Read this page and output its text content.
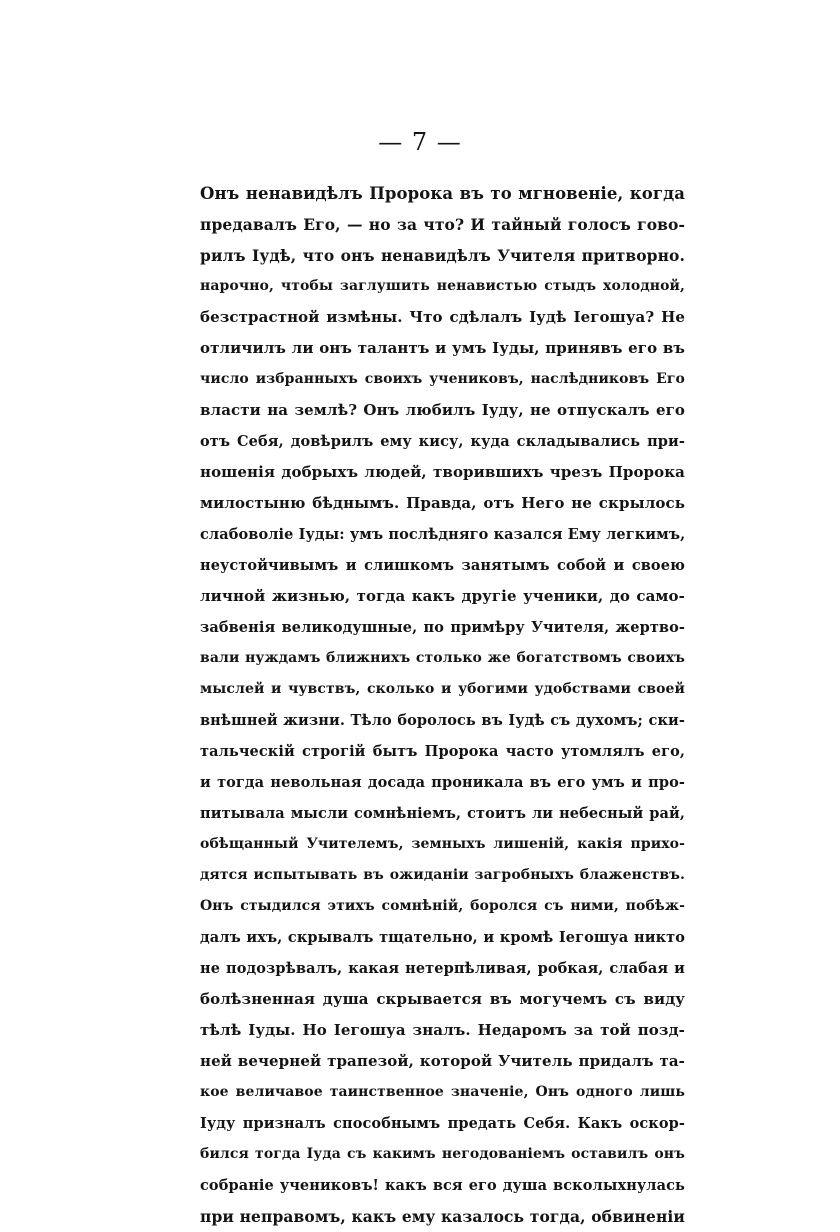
— 7 —
Онъ ненавидѣлъ Пророка въ то мгновеніе, когда
предавалъ Его, — но за что? И тайный голосъ гово-
рилъ Іудѣ, что онъ ненавидѣлъ Учителя притворно.
нарочно, чтобы заглушить ненавистью стыдъ холодной,
безстрастной измѣны. Что сдѣлалъ Іудѣ Іегошуа? Не
отличилъ ли онъ талантъ и умъ Іуды, принявъ его въ
число избранныхъ своихъ учениковъ, наслѣдниковъ Его
власти на землѣ? Онъ любилъ Іуду, не отпускалъ его
отъ Себя, довѣрилъ ему кису, куда складывались при-
ношенія добрыхъ людей, творившихъ чрезъ Пророка
милостыню бѣднымъ. Правда, отъ Него не скрылось
слабоволіе Іуды: умъ послѣдняго казался Ему легкимъ,
неустойчивымъ и слишкомъ занятымъ собой и своею
личной жизнью, тогда какъ другіе ученики, до само-
забвенія великодушные, по примѣру Учителя, жертво-
вали нуждамъ ближнихъ столько же богатствомъ своихъ
мыслей и чувствъ, сколько и убогими удобствами своей
внѣшней жизни. Тѣло боролось въ Іудѣ съ духомъ; ски-
тальческій строгій бытъ Пророка часто утомлялъ его,
и тогда невольная досада проникала въ его умъ и про-
питывала мысли сомнѣніемъ, стоитъ ли небесный рай,
обѣщанный Учителемъ, земныхъ лишеній, какія прихо-
дятся испытывать въ ожиданіи загробныхъ блаженствъ.
Онъ стыдился этихъ сомнѣній, боролся съ ними, побѣж-
далъ ихъ, скрывалъ тщательно, и кромѣ Іегошуа никто
не подозрѣвалъ, какая нетерпѣливая, робкая, слабая и
болѣзненная душа скрывается въ могучемъ съ виду
тѣлѣ Іуды. Но Іегошуа зналъ. Недаромъ за той позд-
ней вечерней трапезой, которой Учитель придалъ та-
кое величавое таинственное значеніе, Онъ одного лишь
Іуду призналъ способнымъ предать Себя. Какъ оскор-
бился тогда Іуда съ какимъ негодованіемъ оставилъ онъ
собраніе учениковъ! какъ вся его душа всколыхнулась
при неправомъ, какъ ему казалось тогда, обвиненіи
